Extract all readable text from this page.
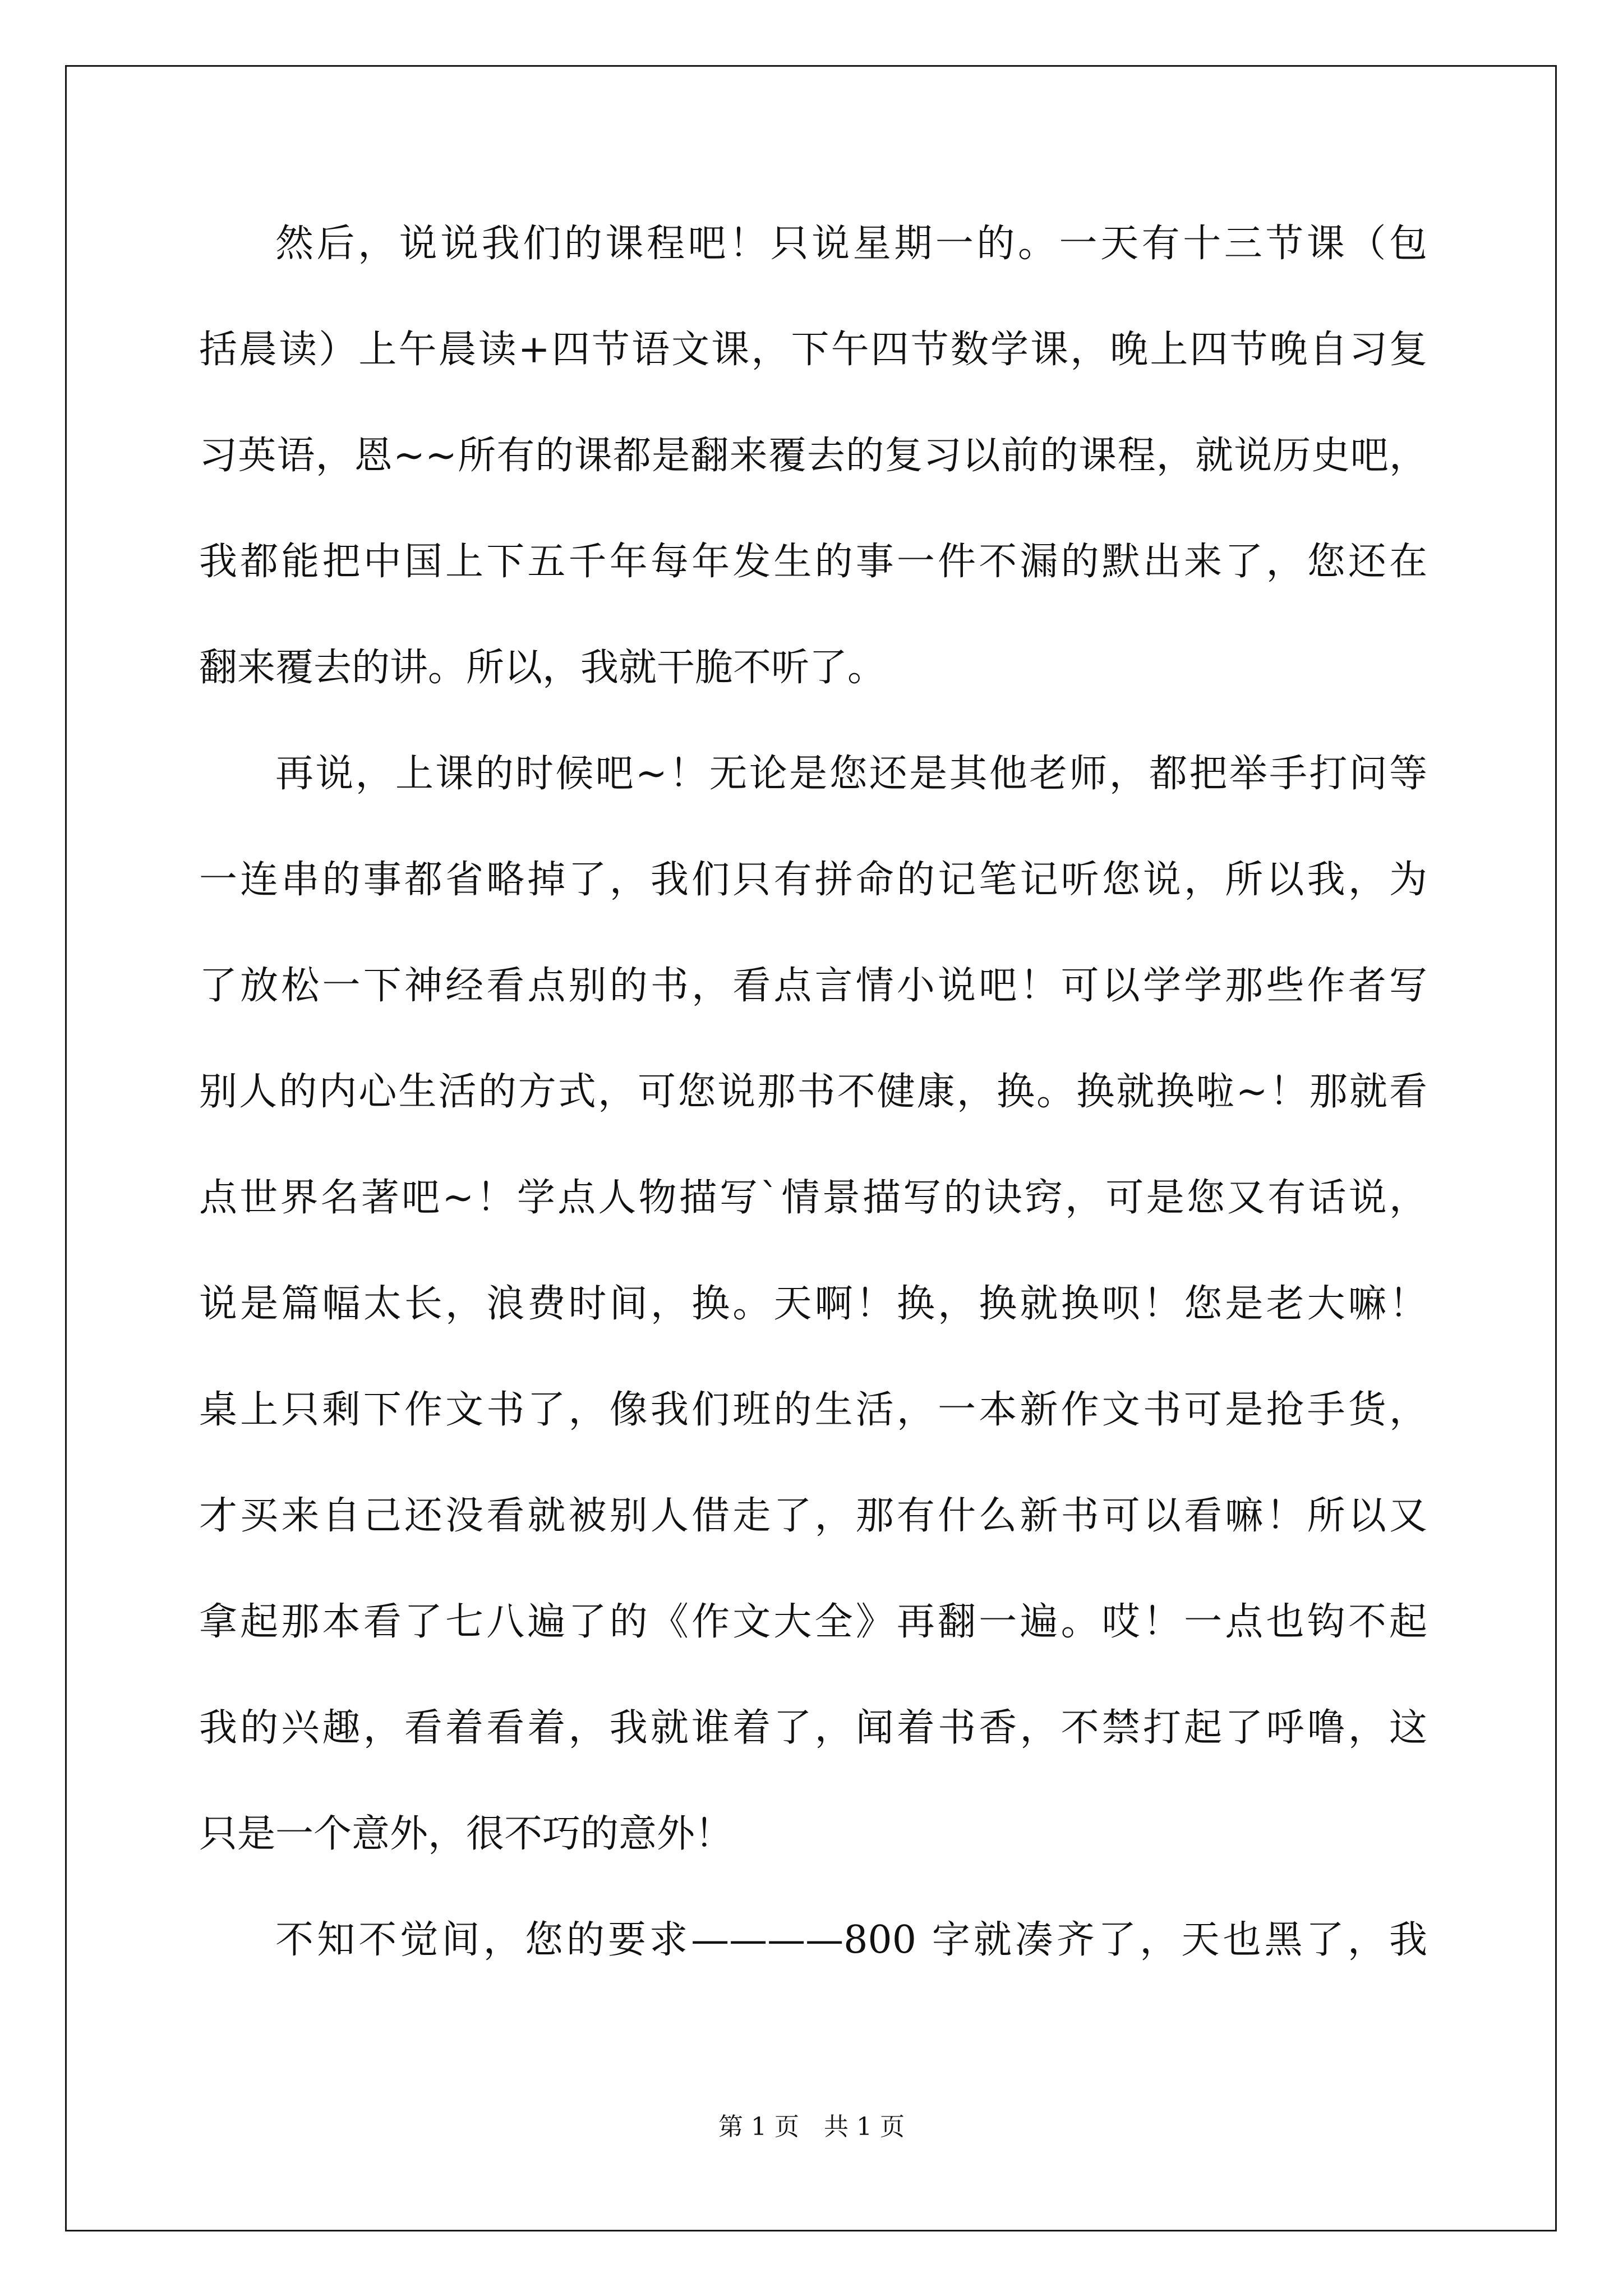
然后，说说我们的课程吧！只说星期一的。一天有十三节课（包
括晨读）上午晨读+四节语文课，下午四节数学课，晚上四节晚自习复
习英语，恩~~所有的课都是翻来覆去的复习以前的课程，就说历史吧，
我都能把中国上下五千年每年发生的事一件不漏的默出来了，您还在
翻来覆去的讲。所以，我就干脆不听了。
再说，上课的时候吧~！无论是您还是其他老师，都把举手打问等
一连串的事都省略掉了，我们只有拼命的记笔记听您说，所以我，为
了放松一下神经看点别的书，看点言情小说吧！可以学学那些作者写
别人的内心生活的方式，可您说那书不健康，换。换就换啦~！那就看
点世界名著吧~！学点人物描写`情景描写的诀窍，可是您又有话说，
说是篇幅太长，浪费时间，换。天啊！换，换就换呗！您是老大嘛！
桌上只剩下作文书了，像我们班的生活，一本新作文书可是抢手货，
才买来自己还没看就被别人借走了，那有什么新书可以看嘛！所以又
拿起那本看了七八遍了的《作文大全》再翻一遍。哎！一点也钩不起
我的兴趣，看着看着，我就谁着了，闻着书香，不禁打起了呼噜，这
只是一个意外，很不巧的意外！
不知不觉间，您的要求————800 字就凑齐了，天也黑了，我
第 1 页　共 1 页
